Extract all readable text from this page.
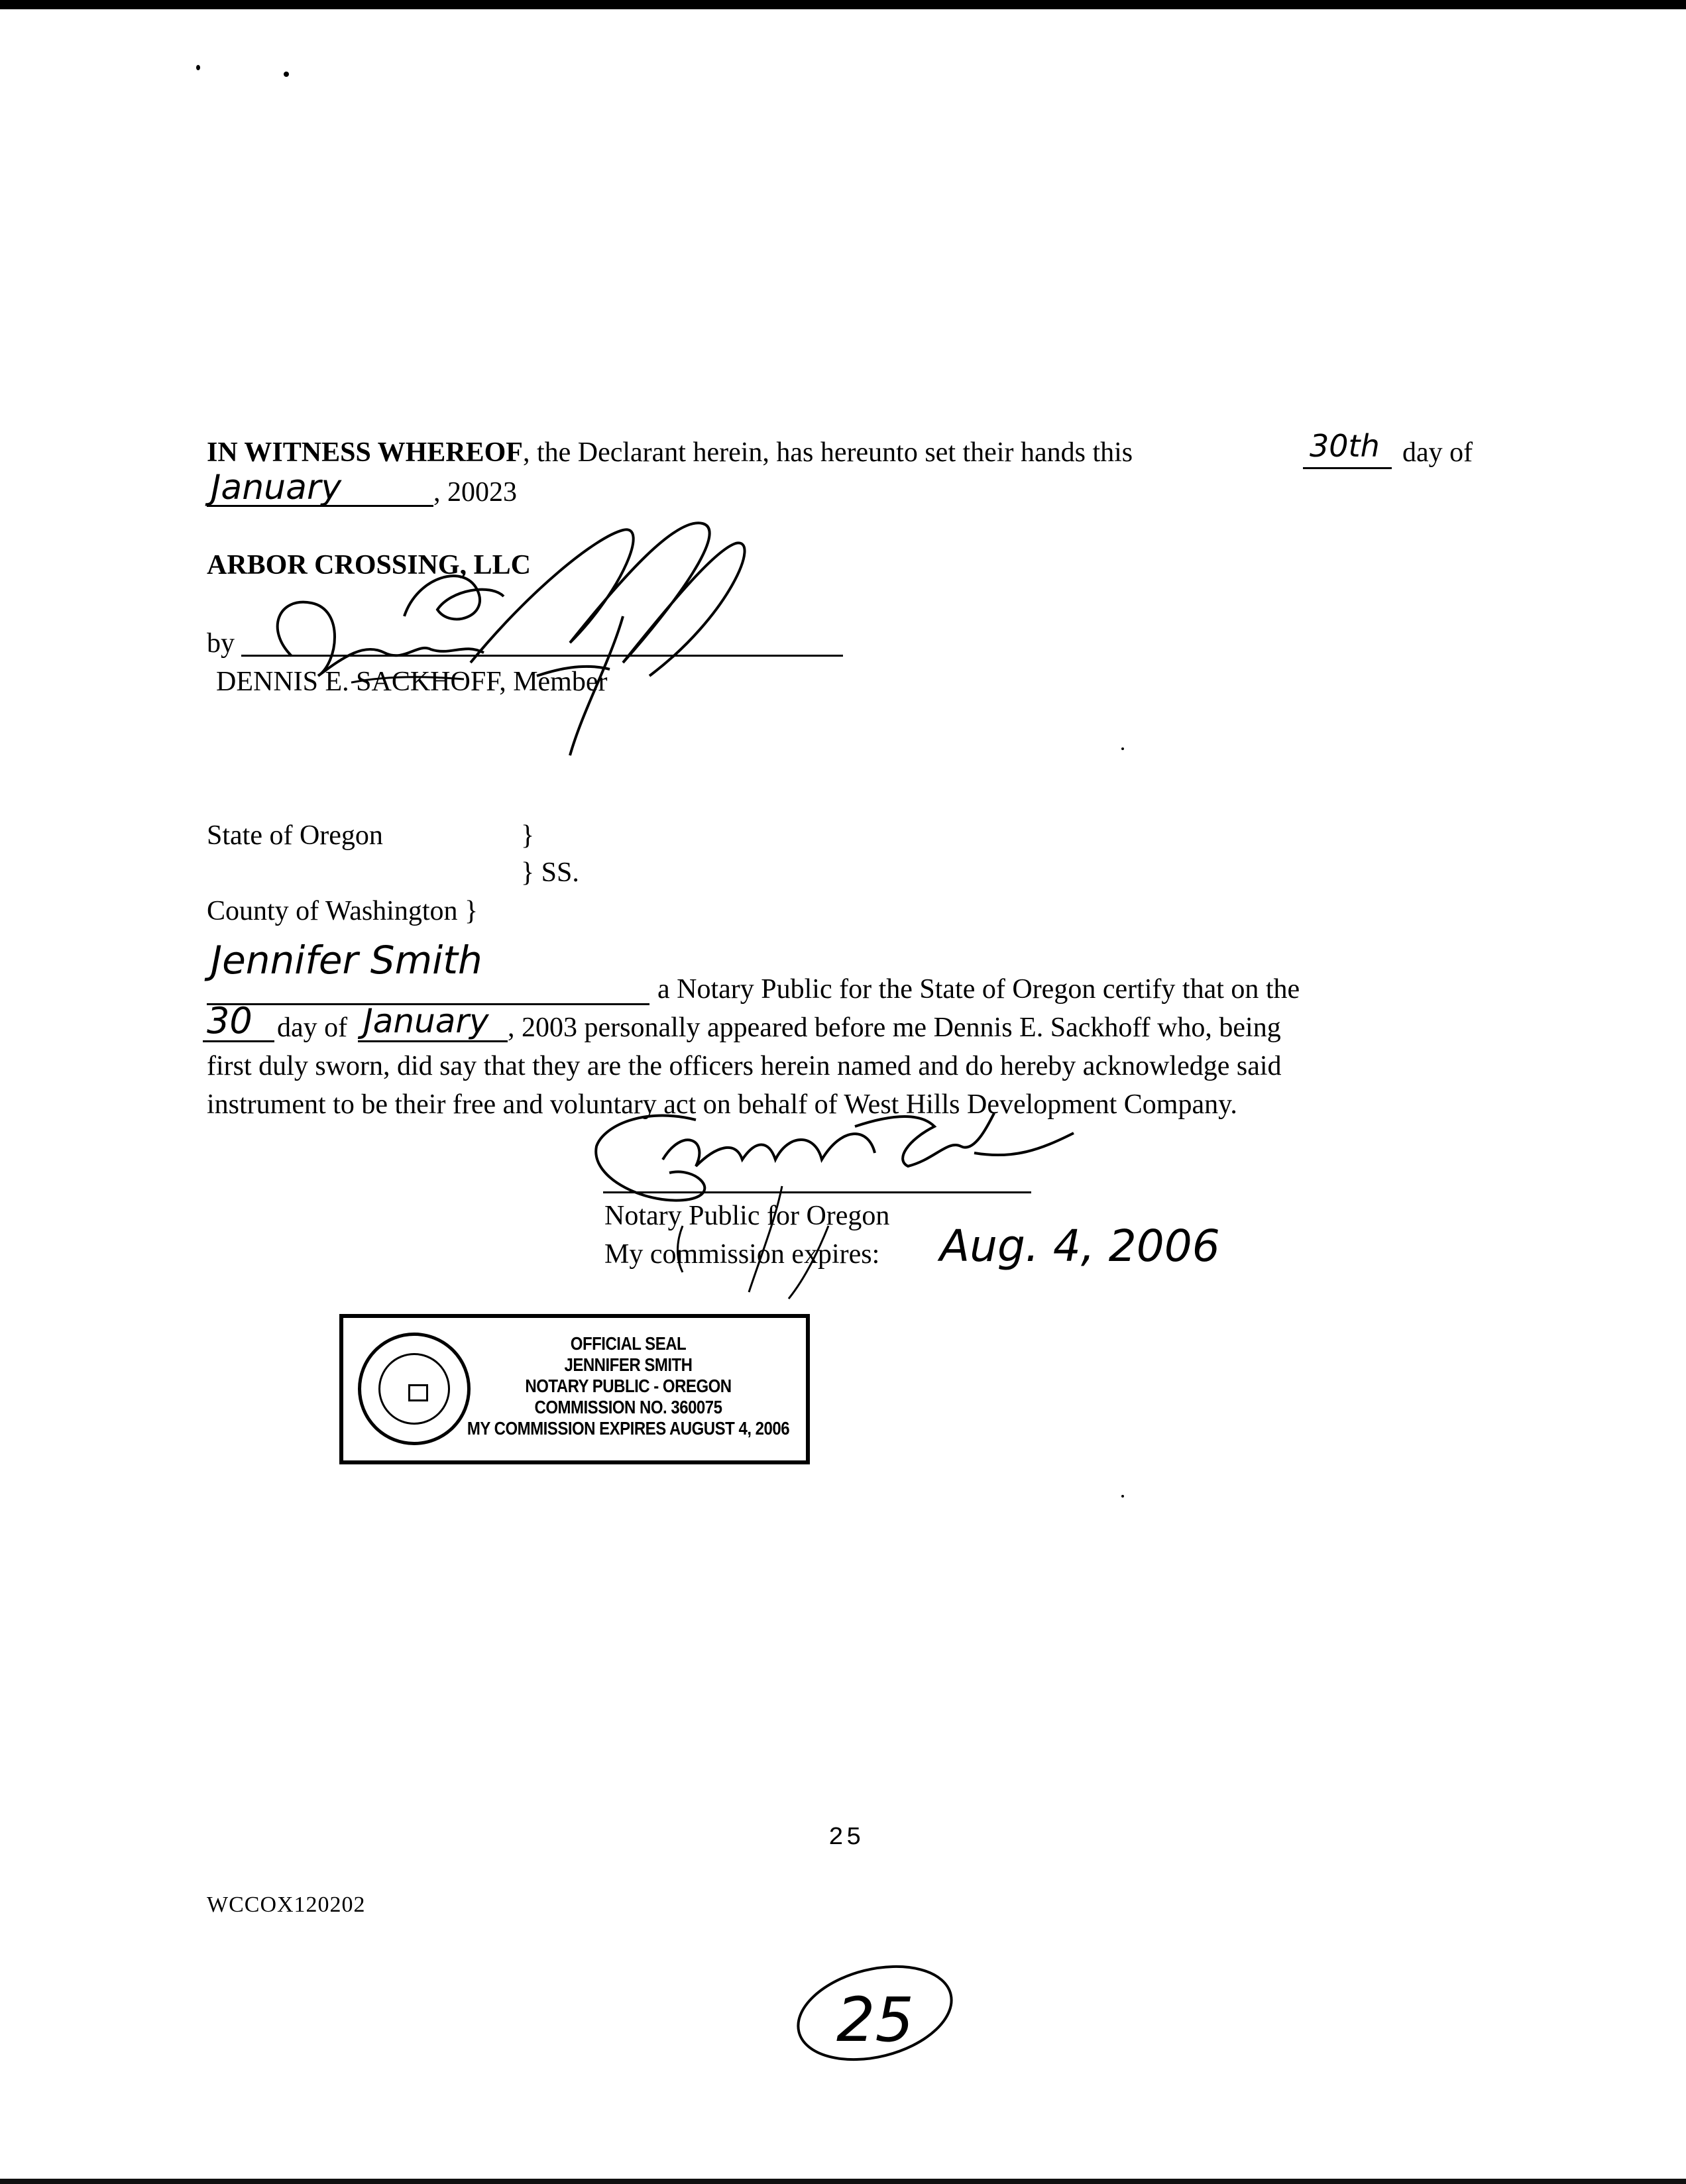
IN WITNESS WHEREOF, the Declarant herein, has hereunto set their hands this	30th day of
January	, 20023
ARBOR CROSSING, LLC
by
DENNIS E. SACKHOFF, Member
State of Oregon	}
} SS.
County of Washington }
Jennifer Smith
a Notary Public for the State of Oregon certify that on the
30 day of January , 2003 personally appeared before me Dennis E. Sackhoff who, being
first duly sworn, did say that they are the officers herein named and do hereby acknowledge said
instrument to be their free and voluntary act on behalf of West Hills Development Company.
Notary Public for Oregon
My commission expires: Aug. 4, 2006
OFFICIAL SEAL
JENNIFER SMITH
NOTARY PUBLIC - OREGON
COMMISSION NO. 360075
MY COMMISSION EXPIRES AUGUST 4, 2006
25
WCCOX120202
25
